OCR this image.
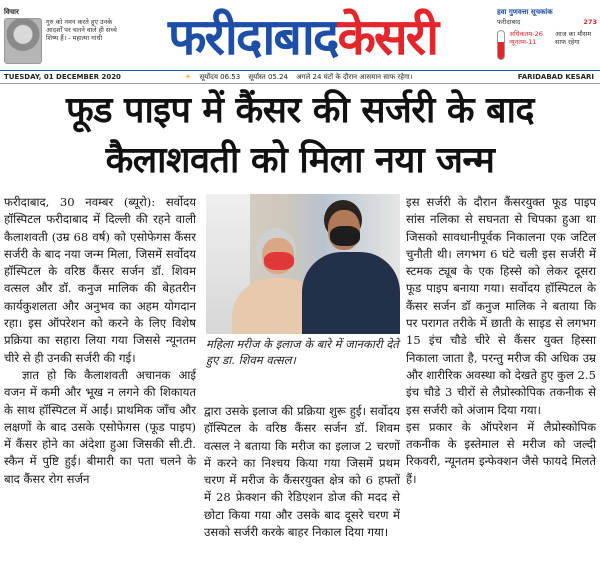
विचार
गुरु को नमन करते हुए उनके आदर्शों पर चलने वाले ही सच्चे शिष्य हैं। - महात्मा गांधी	फरीदाबाद केसरी	हवा गुणवत्ता सूचकांक
फरीदाबाद	273
अधिकतम-26 न्यूनतम-11
आज का मौसम साफ रहेगा
TUESDAY, 01 DECEMBER 2020	☀ सूर्योदय 06.53 सूर्यास्त 05.24 अगले 24 घंटों के दौरान आसमान साफ रहेगा।	FARIDABAD KESARI
फूड पाइप में कैंसर की सर्जरी के बाद
कैलाशवती को मिला नया जन्म

फरीदाबाद, 30 नवम्बर (ब्यूरो): सर्वोदय हॉस्पिटल फरीदाबाद में दिल्ली की रहने वाली कैलाशवती (उम्र 68 वर्ष) को एसोफेगस कैंसर सर्जरी के बाद नया जन्म मिला, जिसमें सर्वोदय हॉस्पिटल के वरिष्ठ कैंसर सर्जन डॉ. शिवम वत्सल और डॉ. कनुज मालिक की बेहतरीन कार्यकुशलता और अनुभव का अहम योगदान रहा। इस ऑपरेशन को करने के लिए विशेष प्रक्रिया का सहारा लिया गया जिससे न्यूनतम चीरे से ही उनकी सर्जरी की गई।

ज्ञात हो कि कैलाशवती अचानक आई वजन में कमी और भूख न लगने की शिकायत के साथ हॉस्पिटल में आईं। प्राथमिक जाँच और लक्षणों के बाद उसके एसोफेगस (फूड पाइप) में कैंसर होने का अंदेशा हुआ जिसकी सी.टी. स्कैन में पुष्टि हुई। बीमारी का पता चलने के बाद कैंसर रोग सर्जन

महिला मरीज के इलाज के बारे में जानकारी देते हुए डा. शिवम वत्सल।

द्वारा उसके इलाज की प्रक्रिया शुरू हुई। सर्वोदय हॉस्पिटल के वरिष्ठ कैंसर सर्जन डॉ. शिवम वत्सल ने बताया कि मरीज का इलाज 2 चरणों में करने का निश्चय किया गया जिसमें प्रथम चरण में मरीज के कैंसरयुक्त क्षेत्र को 6 हफ्तों में 28 फ्रेक्शन की रेडिएशन डोज की मदद से छोटा किया गया और उसके बाद दूसरे चरण में उसको सर्जरी करके बाहर निकाल दिया गया।

इस सर्जरी के दौरान कैंसरयुक्त फूड पाइप सांस नलिका से सघनता से चिपका हुआ था जिसको सावधानीपूर्वक निकालना एक जटिल चुनौती थी। लगभग 6 घंटे चली इस सर्जरी में स्टमक ट्यूब के एक हिस्से को लेकर दूसरा फूड पाइप बनाया गया। सर्वोदय हॉस्पिटल के कैंसर सर्जन डॉ कनुज मालिक ने बताया कि पर परागत तरीके में छाती के साइड से लगभग 15 इंच चौडे चीरे से कैंसर युक्त हिस्सा निकाला जाता है, परन्तु मरीज की अधिक उम्र और शारीरिक अवस्था को देखते हुए कुल 2.5 इंच चौडे 3 चीरों से लैप्रोस्कोपिक तकनीक से इस सर्जरी को अंजाम दिया गया।

इस प्रकार के ऑपरेशन में लैप्रोस्कोपिक तकनीक के इस्तेमाल से मरीज को जल्दी रिकवरी, न्यूनतम इन्फेक्शन जैसे फायदे मिलते हैं।
